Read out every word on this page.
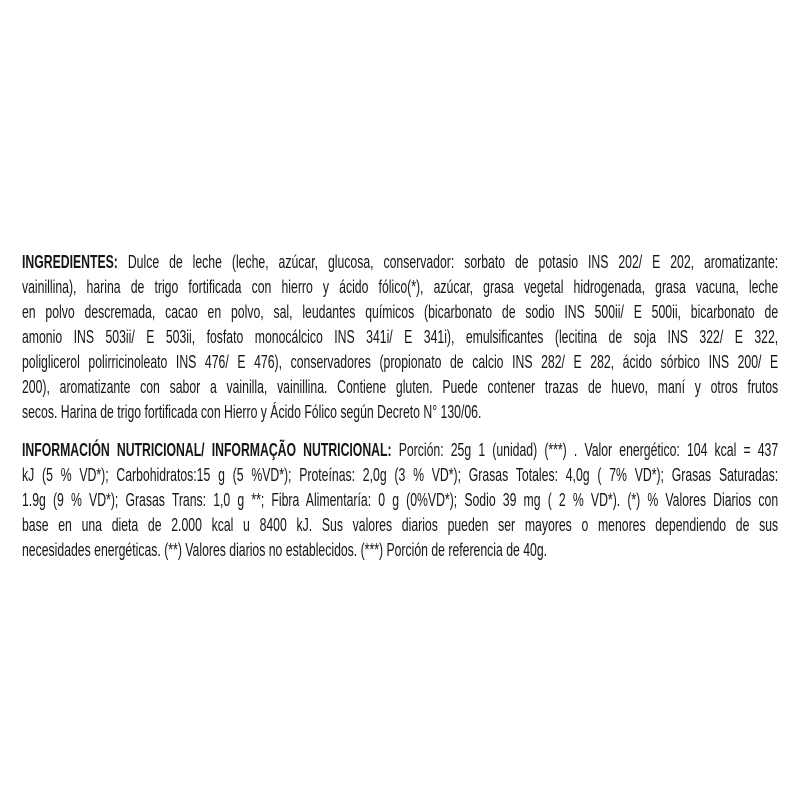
INGREDIENTES: Dulce de leche (leche, azúcar, glucosa, conservador: sorbato de potasio INS 202/ E 202, aromatizante:
vainillina), harina de trigo fortificada con hierro y ácido fólico(*), azúcar, grasa vegetal hidrogenada, grasa vacuna, leche
en polvo descremada, cacao en polvo, sal, leudantes químicos (bicarbonato de sodio INS 500ii/ E 500ii, bicarbonato de
amonio INS 503ii/ E 503ii, fosfato monocálcico INS 341i/ E 341i), emulsificantes (lecitina de soja INS 322/ E 322,
poliglicerol polirricinoleato INS 476/ E 476), conservadores (propionato de calcio INS 282/ E 282, ácido sórbico INS 200/ E
200), aromatizante con sabor a vainilla, vainillina. Contiene gluten. Puede contener trazas de huevo, maní y otros frutos
secos. Harina de trigo fortificada con Hierro y Ácido Fólico según Decreto N° 130/06.
INFORMACIÓN NUTRICIONAL/ INFORMAÇÃO NUTRICIONAL: Porción: 25g 1 (unidad) (***) . Valor energético: 104 kcal = 437
kJ (5 % VD*); Carbohidratos:15 g (5 %VD*); Proteínas: 2,0g (3 % VD*); Grasas Totales: 4,0g ( 7% VD*); Grasas Saturadas:
1.9g (9 % VD*); Grasas Trans: 1,0 g **; Fibra Alimentaría: 0 g (0%VD*); Sodio 39 mg ( 2 % VD*). (*) % Valores Diarios con
base en una dieta de 2.000 kcal u 8400 kJ. Sus valores diarios pueden ser mayores o menores dependiendo de sus
necesidades energéticas. (**) Valores diarios no establecidos. (***) Porción de referencia de 40g.
